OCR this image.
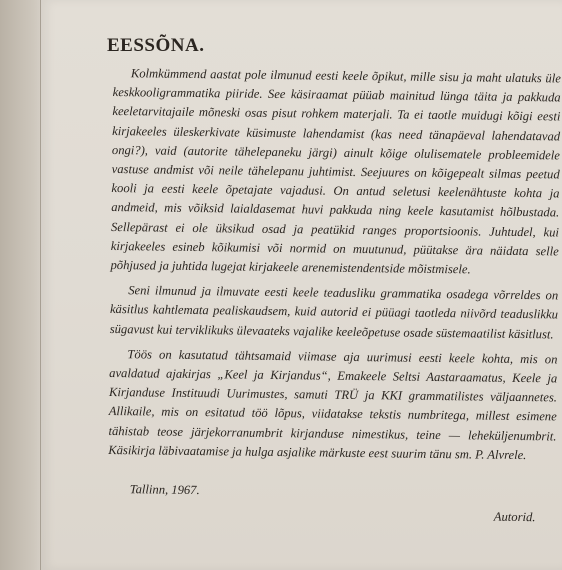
EESSÕNA.

Kolmkümmend aastat pole ilmunud eesti keele õpikut, mille sisu ja maht ulatuks üle keskkooligrammatika piiride. See käsiraamat püüab mainitud lünga täita ja pakkuda keeletarvitajaile mõneski osas pisut rohkem materjali. Ta ei taotle muidugi kõigi eesti kirjakeeles üleskerkivate küsimuste lahendamist (kas need tänapäeval lahendatavad ongi?), vaid (autorite tähelepaneku järgi) ainult kõige olulisematele probleemidele vastuse andmist või neile tähelepanu juhtimist. Seejuures on kõigepealt silmas peetud kooli ja eesti keele õpetajate vajadusi. On antud seletusi keelenähtuste kohta ja andmeid, mis võiksid laialdasemat huvi pakkuda ning keele kasutamist hõlbustada. Sellepärast ei ole üksikud osad ja peatükid ranges proportsioonis. Juhtudel, kui kirjakeeles esineb kõikumisi või normid on muutunud, püütakse ära näidata selle põhjused ja juhtida lugejat kirjakeele arenemistendentside mõistmisele.

Seni ilmunud ja ilmuvate eesti keele teadusliku grammatika osadega võrreldes on käsitlus kahtlemata pealiskaudsem, kuid autorid ei püüagi taotleda niivõrd teaduslikku sügavust kui terviklikuks ülevaateks vajalike keeleõpetuse osade süstemaatilist käsitlust.

Töös on kasutatud tähtsamaid viimase aja uurimusi eesti keele kohta, mis on avaldatud ajakirjas „Keel ja Kirjandus“, Emakeele Seltsi Aastaraamatus, Keele ja Kirjanduse Instituudi Uurimustes, samuti TRÜ ja KKI grammatilistes väljaannetes. Allikaile, mis on esitatud töö lõpus, viidatakse tekstis numbritega, millest esimene tähistab teose järjekorranumbrit kirjanduse nimestikus, teine — leheküljenumbrit. Käsikirja läbivaatamise ja hulga asjalike märkuste eest suurim tänu sm. P. Alvrele.

Tallinn, 1967.

Autorid.
